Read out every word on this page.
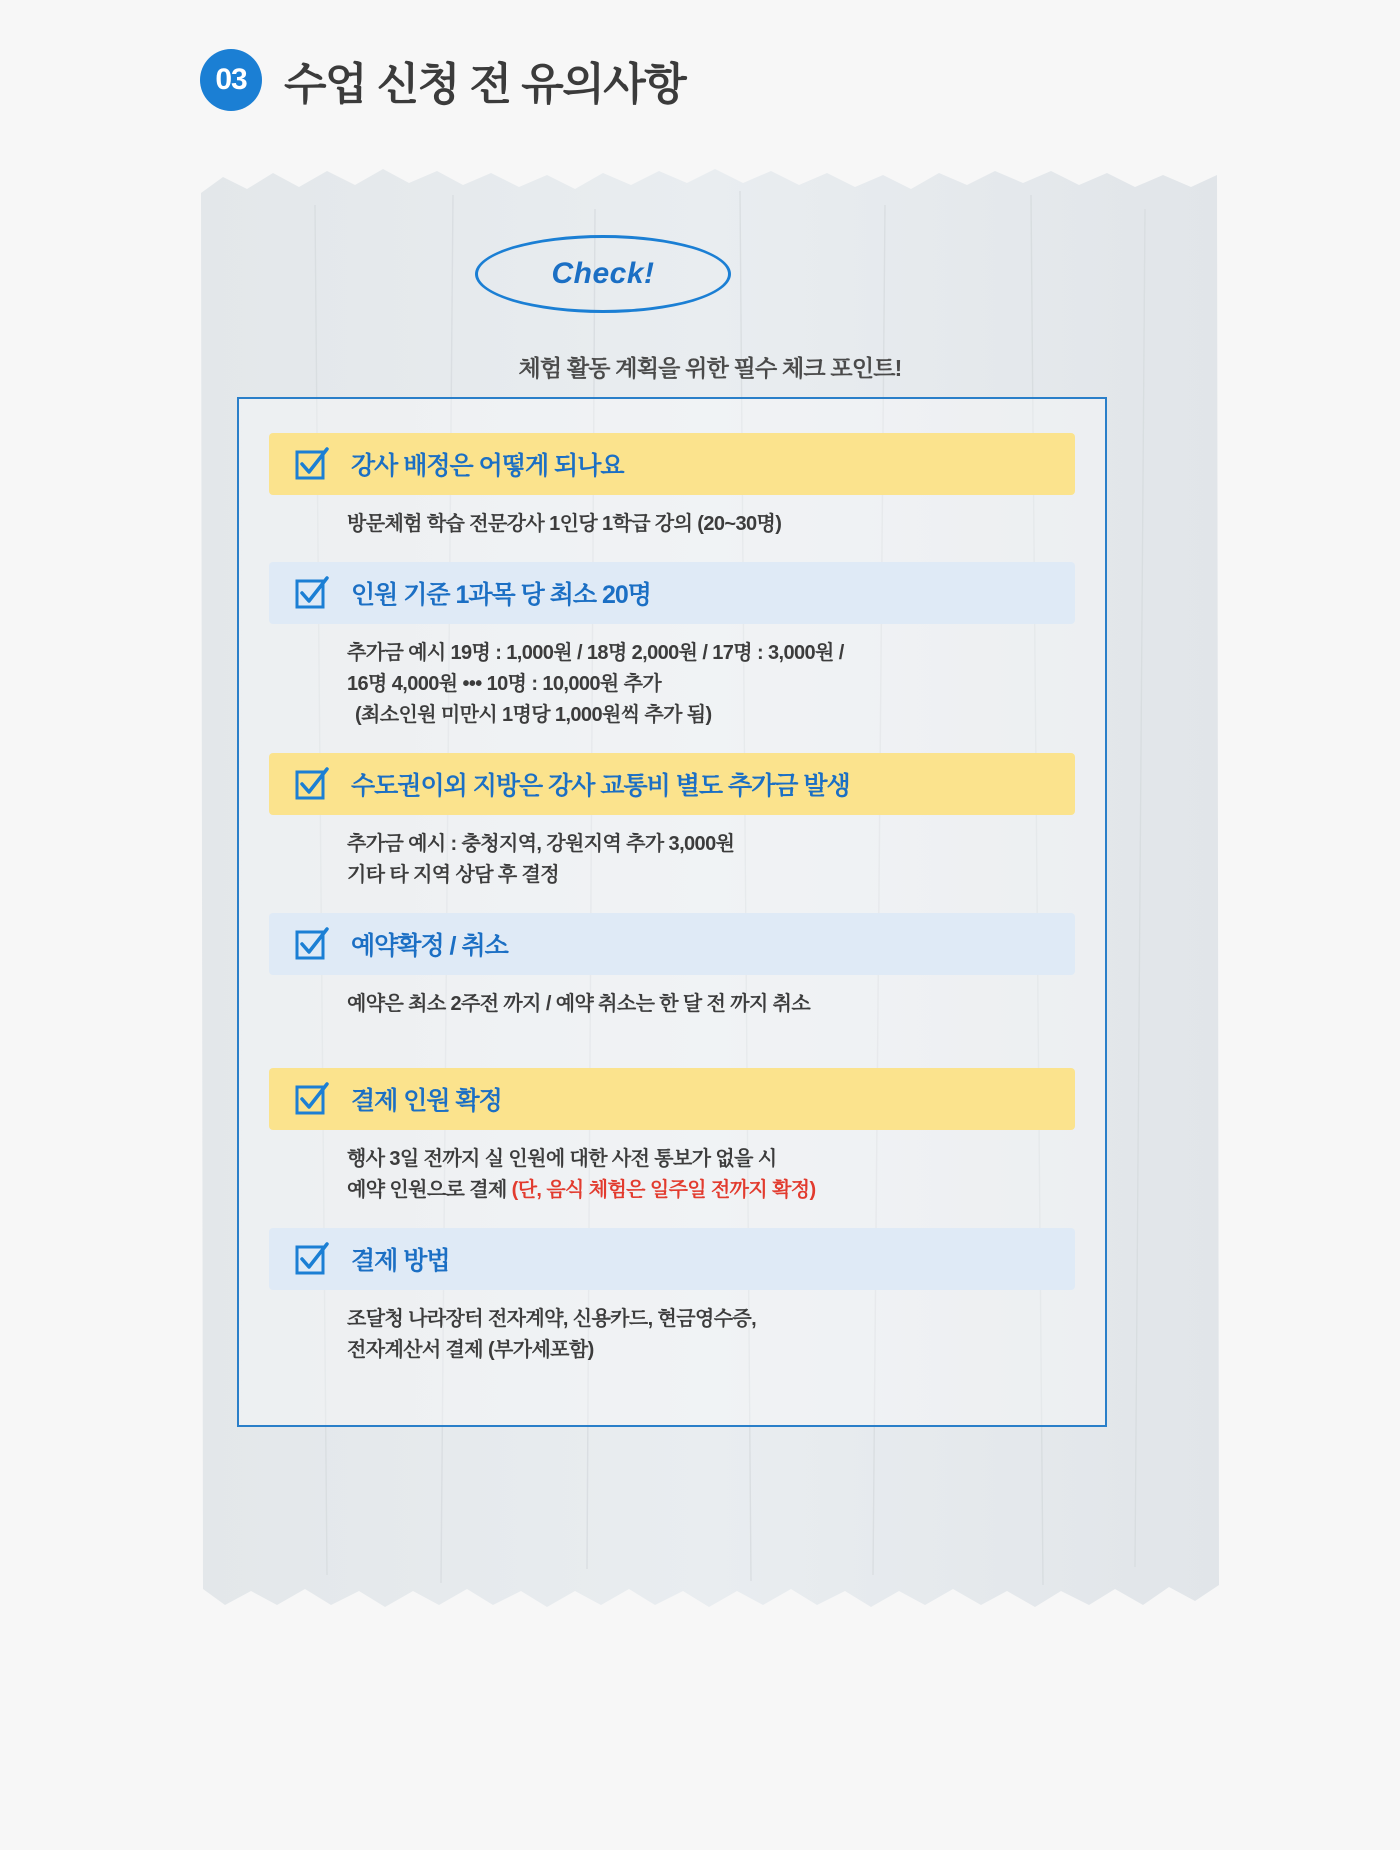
03 수업 신청 전 유의사항
Check!
체험 활동 계획을 위한 필수 체크 포인트!
강사 배정은 어떻게 되나요
방문체험 학습 전문강사 1인당 1학급 강의 (20~30명)
인원 기준 1과목 당 최소 20명
추가금 예시 19명 : 1,000원 / 18명 2,000원 / 17명 : 3,000원 /
16명 4,000원 ••• 10명 : 10,000원 추가
(최소인원 미만시 1명당 1,000원씩 추가 됨)
수도권이외 지방은 강사 교통비 별도 추가금 발생
추가금 예시 : 충청지역, 강원지역 추가 3,000원
기타 타 지역 상담 후 결정
예약확정 / 취소
예약은 최소 2주전 까지 / 예약 취소는 한 달 전 까지 취소
결제 인원 확정
행사 3일 전까지 실 인원에 대한 사전 통보가 없을 시
예약 인원으로 결제 (단, 음식 체험은 일주일 전까지 확정)
결제 방법
조달청 나라장터 전자계약, 신용카드, 현금영수증,
전자계산서 결제 (부가세포함)
